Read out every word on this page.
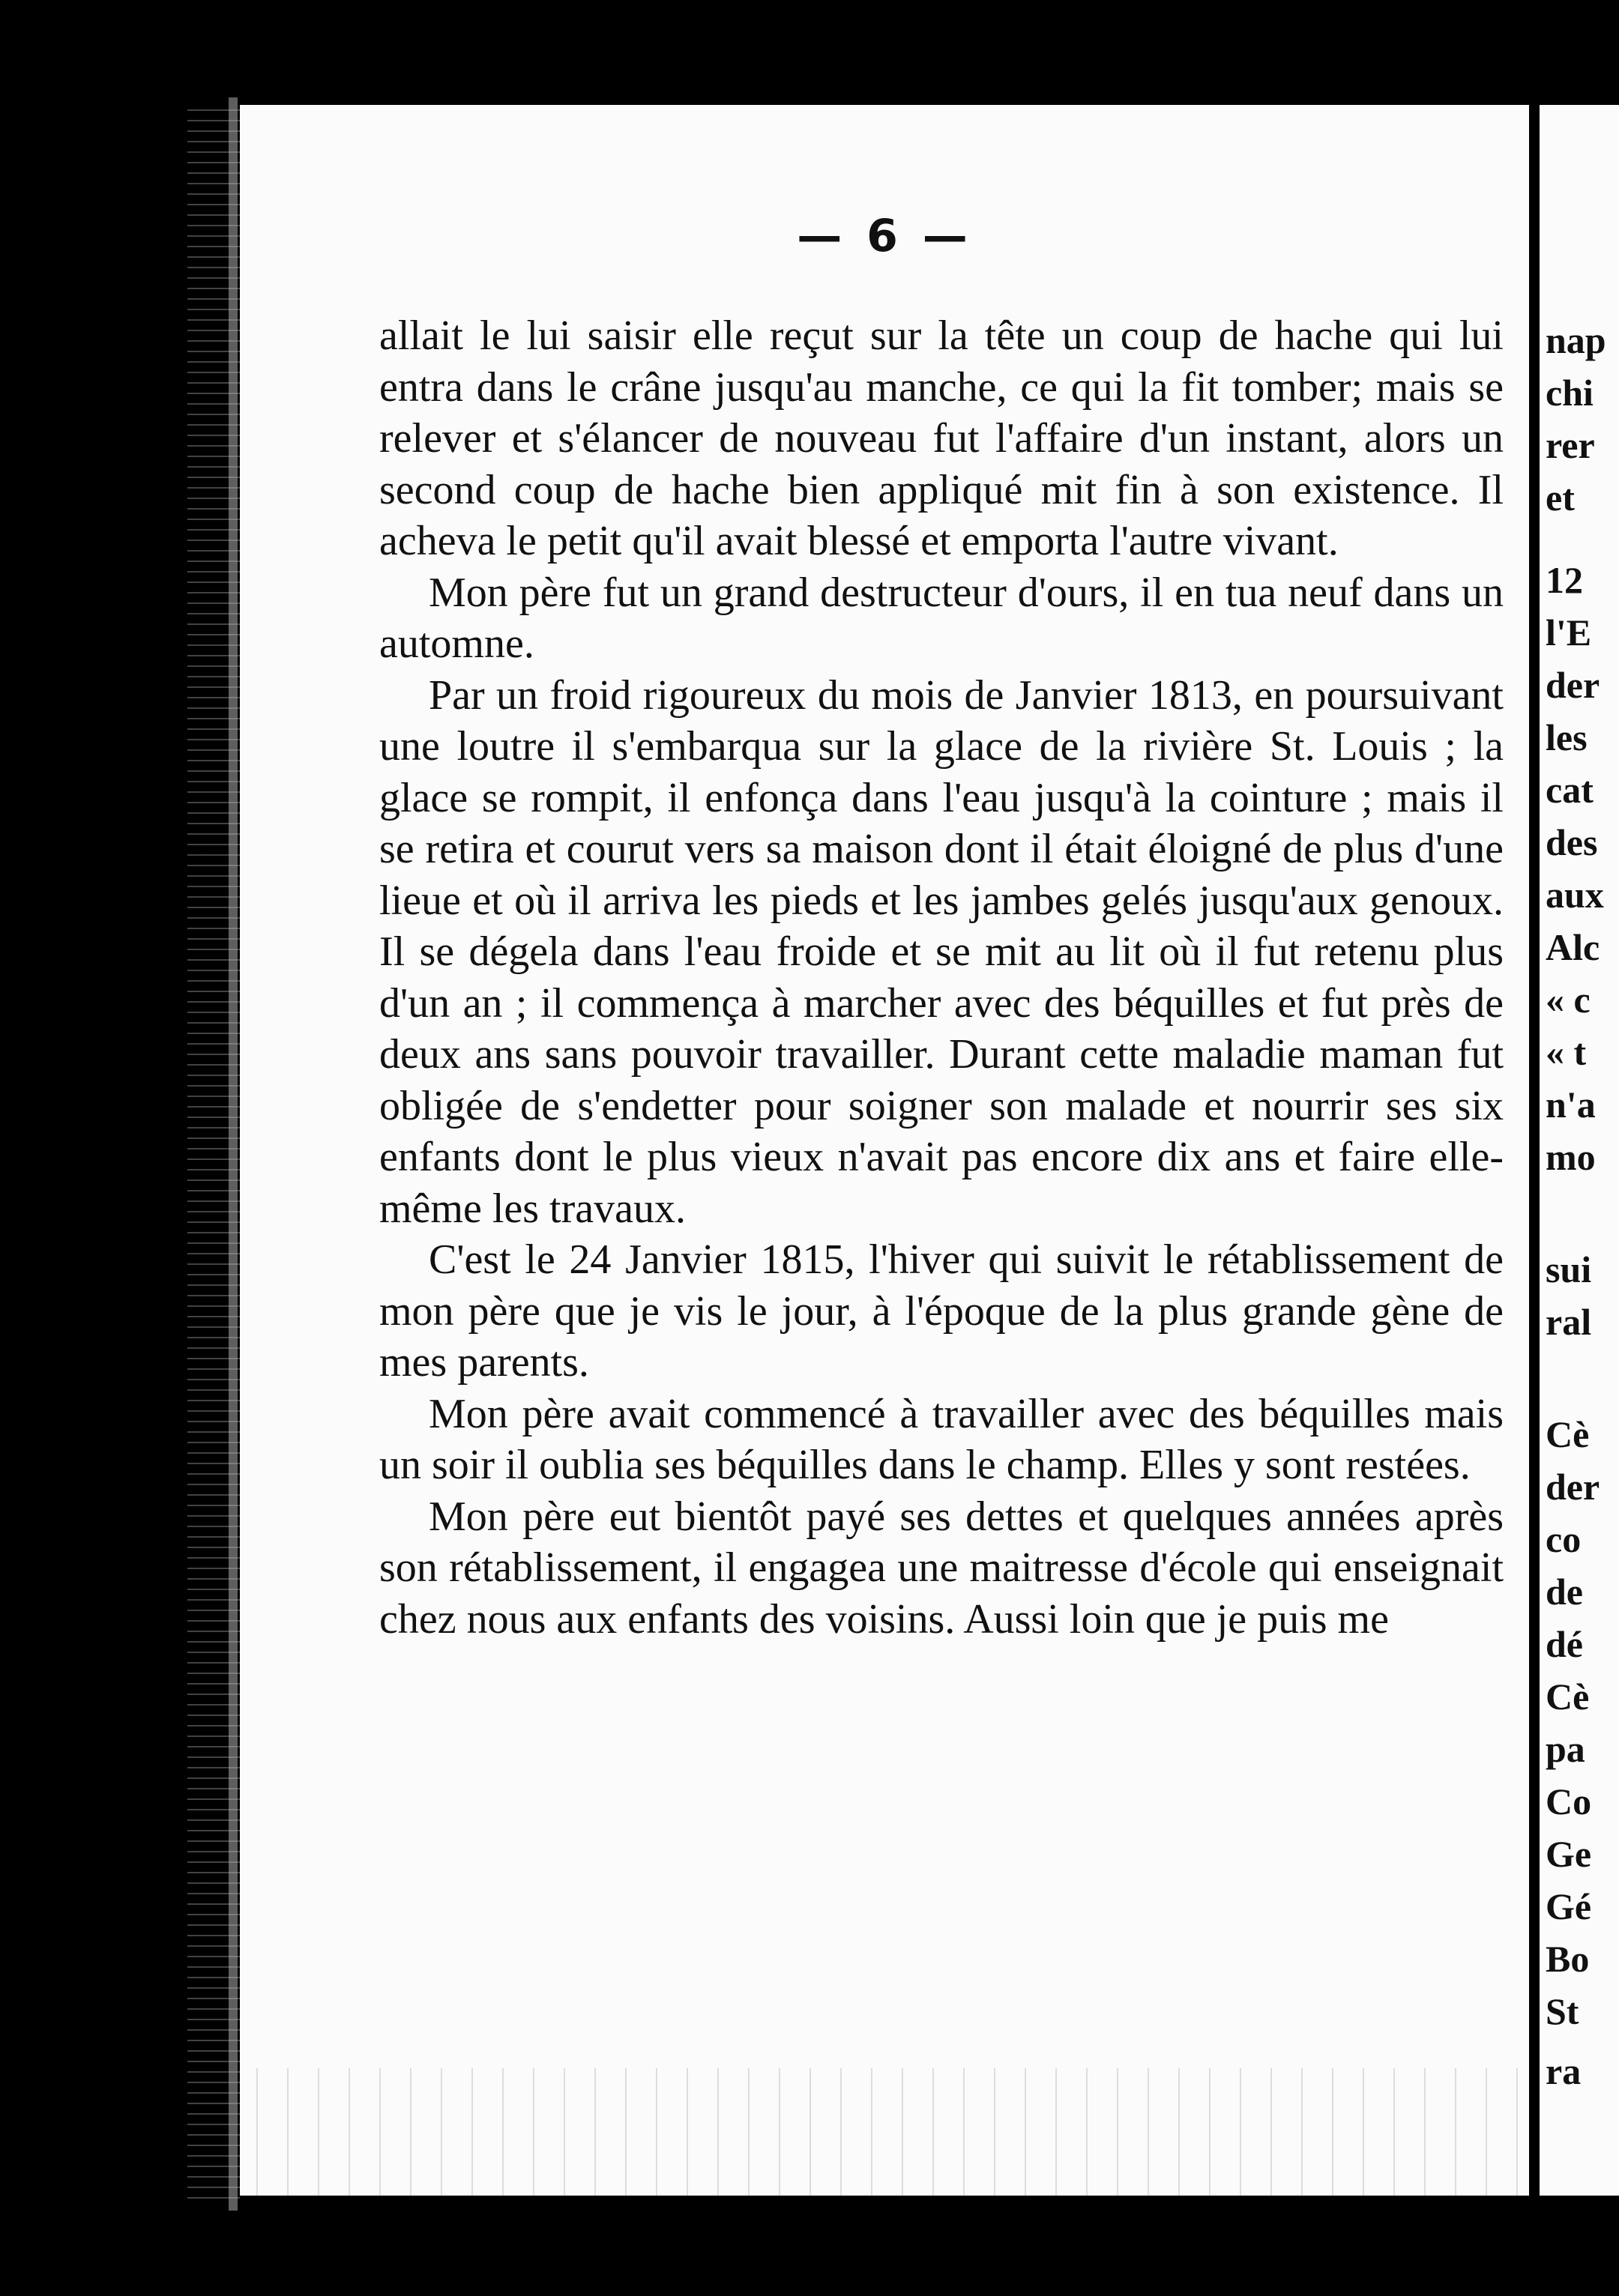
— 6 —

allait le lui saisir elle reçut sur la tête un coup de hache qui lui entra dans le crâne jusqu'au manche, ce qui la fit tomber; mais se relever et s'élancer de nouveau fut l'affaire d'un instant, alors un second coup de hache bien appliqué mit fin à son existence. Il acheva le petit qu'il avait blessé et emporta l'autre vivant.

Mon père fut un grand destructeur d'ours, il en tua neuf dans un automne.

Par un froid rigoureux du mois de Janvier 1813, en poursuivant une loutre il s'embarqua sur la glace de la rivière St. Louis ; la glace se rompit, il enfonça dans l'eau jusqu'à la cointure ; mais il se retira et courut vers sa maison dont il était éloigné de plus d'une lieue et où il arriva les pieds et les jambes gelés jusqu'aux genoux. Il se dégela dans l'eau froide et se mit au lit où il fut retenu plus d'un an ; il commença à marcher avec des béquilles et fut près de deux ans sans pouvoir travailler. Durant cette maladie maman fut obligée de s'endetter pour soigner son malade et nourrir ses six enfants dont le plus vieux n'avait pas encore dix ans et faire elle-même les travaux.

C'est le 24 Janvier 1815, l'hiver qui suivit le rétablissement de mon père que je vis le jour, à l'époque de la plus grande gène de mes parents.

Mon père avait commencé à travailler avec des béquilles mais un soir il oublia ses béquilles dans le champ. Elles y sont restées.

Mon père eut bientôt payé ses dettes et quelques années après son rétablissement, il engagea une maitresse d'école qui enseignait chez nous aux enfants des voisins. Aussi loin que je puis me

nap
chi
rer
et
12
l'E
der
les
cat
des
aux
Alc
« c
« t
n'a
mo
sui
ral
Cè
der
co
de
dé
Cè
pa
Co
Ge
Gé
Bo
St
ra
